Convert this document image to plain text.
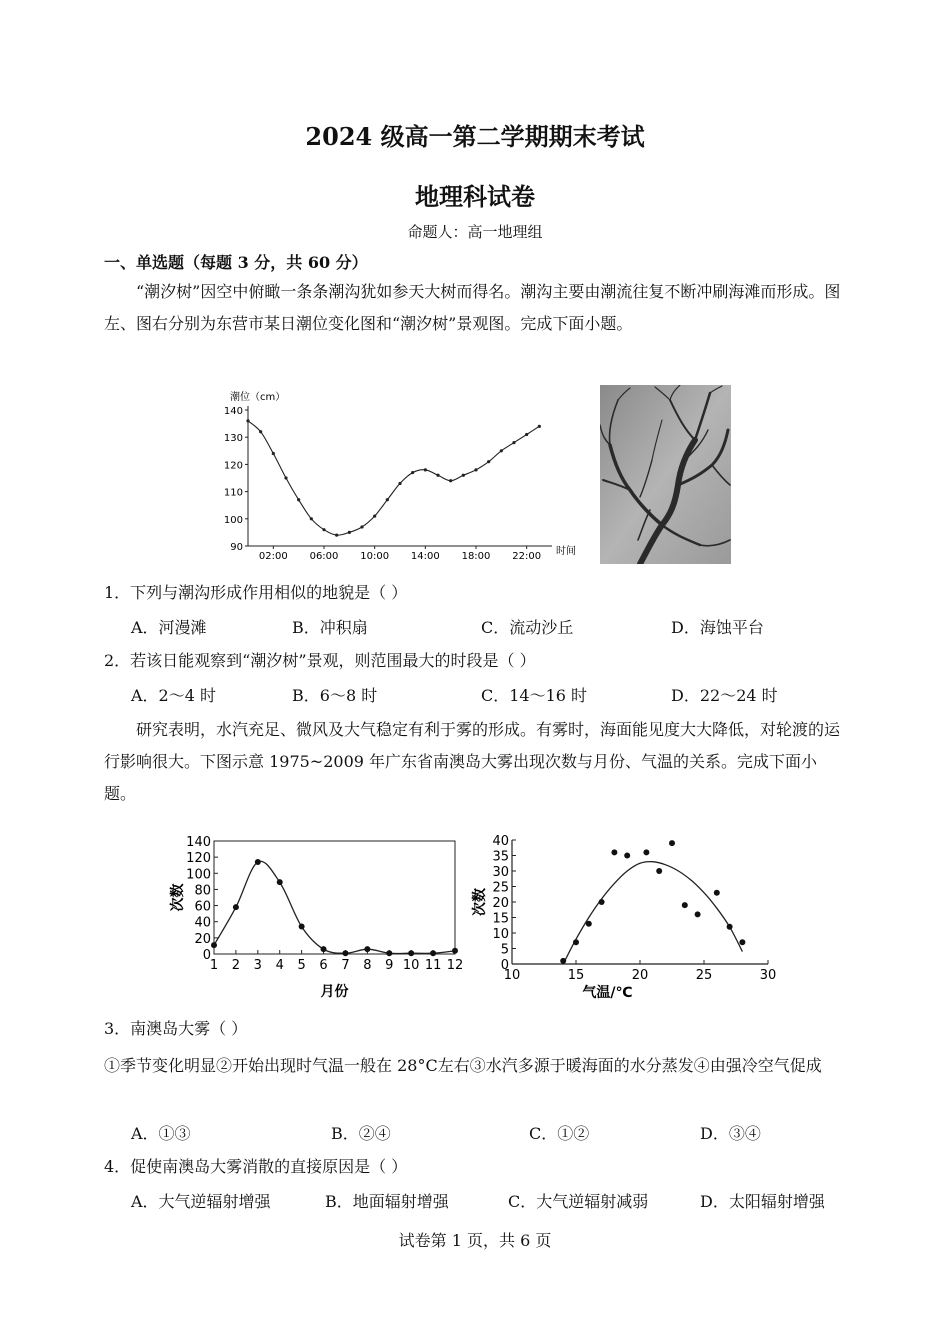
2024 级高一第二学期期末考试
地理科试卷
命题人：高一地理组
一、单选题（每题 3 分，共 60 分）
“潮汐树”因空中俯瞰一条条潮沟犹如参天大树而得名。潮沟主要由潮流往复不断冲刷海滩而形成。图左、图右分别为东营市某日潮位变化图和“潮汐树”景观图。完成下面小题。
潮位（cm）
时间
90
100
110
120
130
140
02:00 06:00 10:00 14:00 18:00 22:00
1．下列与潮沟形成作用相似的地貌是（ ）
A．河漫滩	B．冲积扇	C．流动沙丘	D．海蚀平台
2．若该日能观察到“潮汐树”景观，则范围最大的时段是（ ）
A．2～4 时	B．6～8 时	C．14～16 时	D．22～24 时
研究表明，水汽充足、微风及大气稳定有利于雾的形成。有雾时，海面能见度大大降低，对轮渡的运行影响很大。下图示意 1975~2009 年广东省南澳岛大雾出现次数与月份、气温的关系。完成下面小题。
0
20
40
60
80
100
120
140
1 2 3 4 5 6 7 8 9 10 11 12
月份
次数
0
5
10
15
20
25
30
35
40
10	15	20	25	30
气温/℃
次数
3．南澳岛大雾（ ）
①季节变化明显②开始出现时气温一般在 28°C左右③水汽多源于暖海面的水分蒸发④由强冷空气促成
A．①③	B．②④	C．①②	D．③④
4．促使南澳岛大雾消散的直接原因是（ ）
A．大气逆辐射增强	B．地面辐射增强	C．大气逆辐射减弱	D．太阳辐射增强
试卷第 1 页，共 6 页
